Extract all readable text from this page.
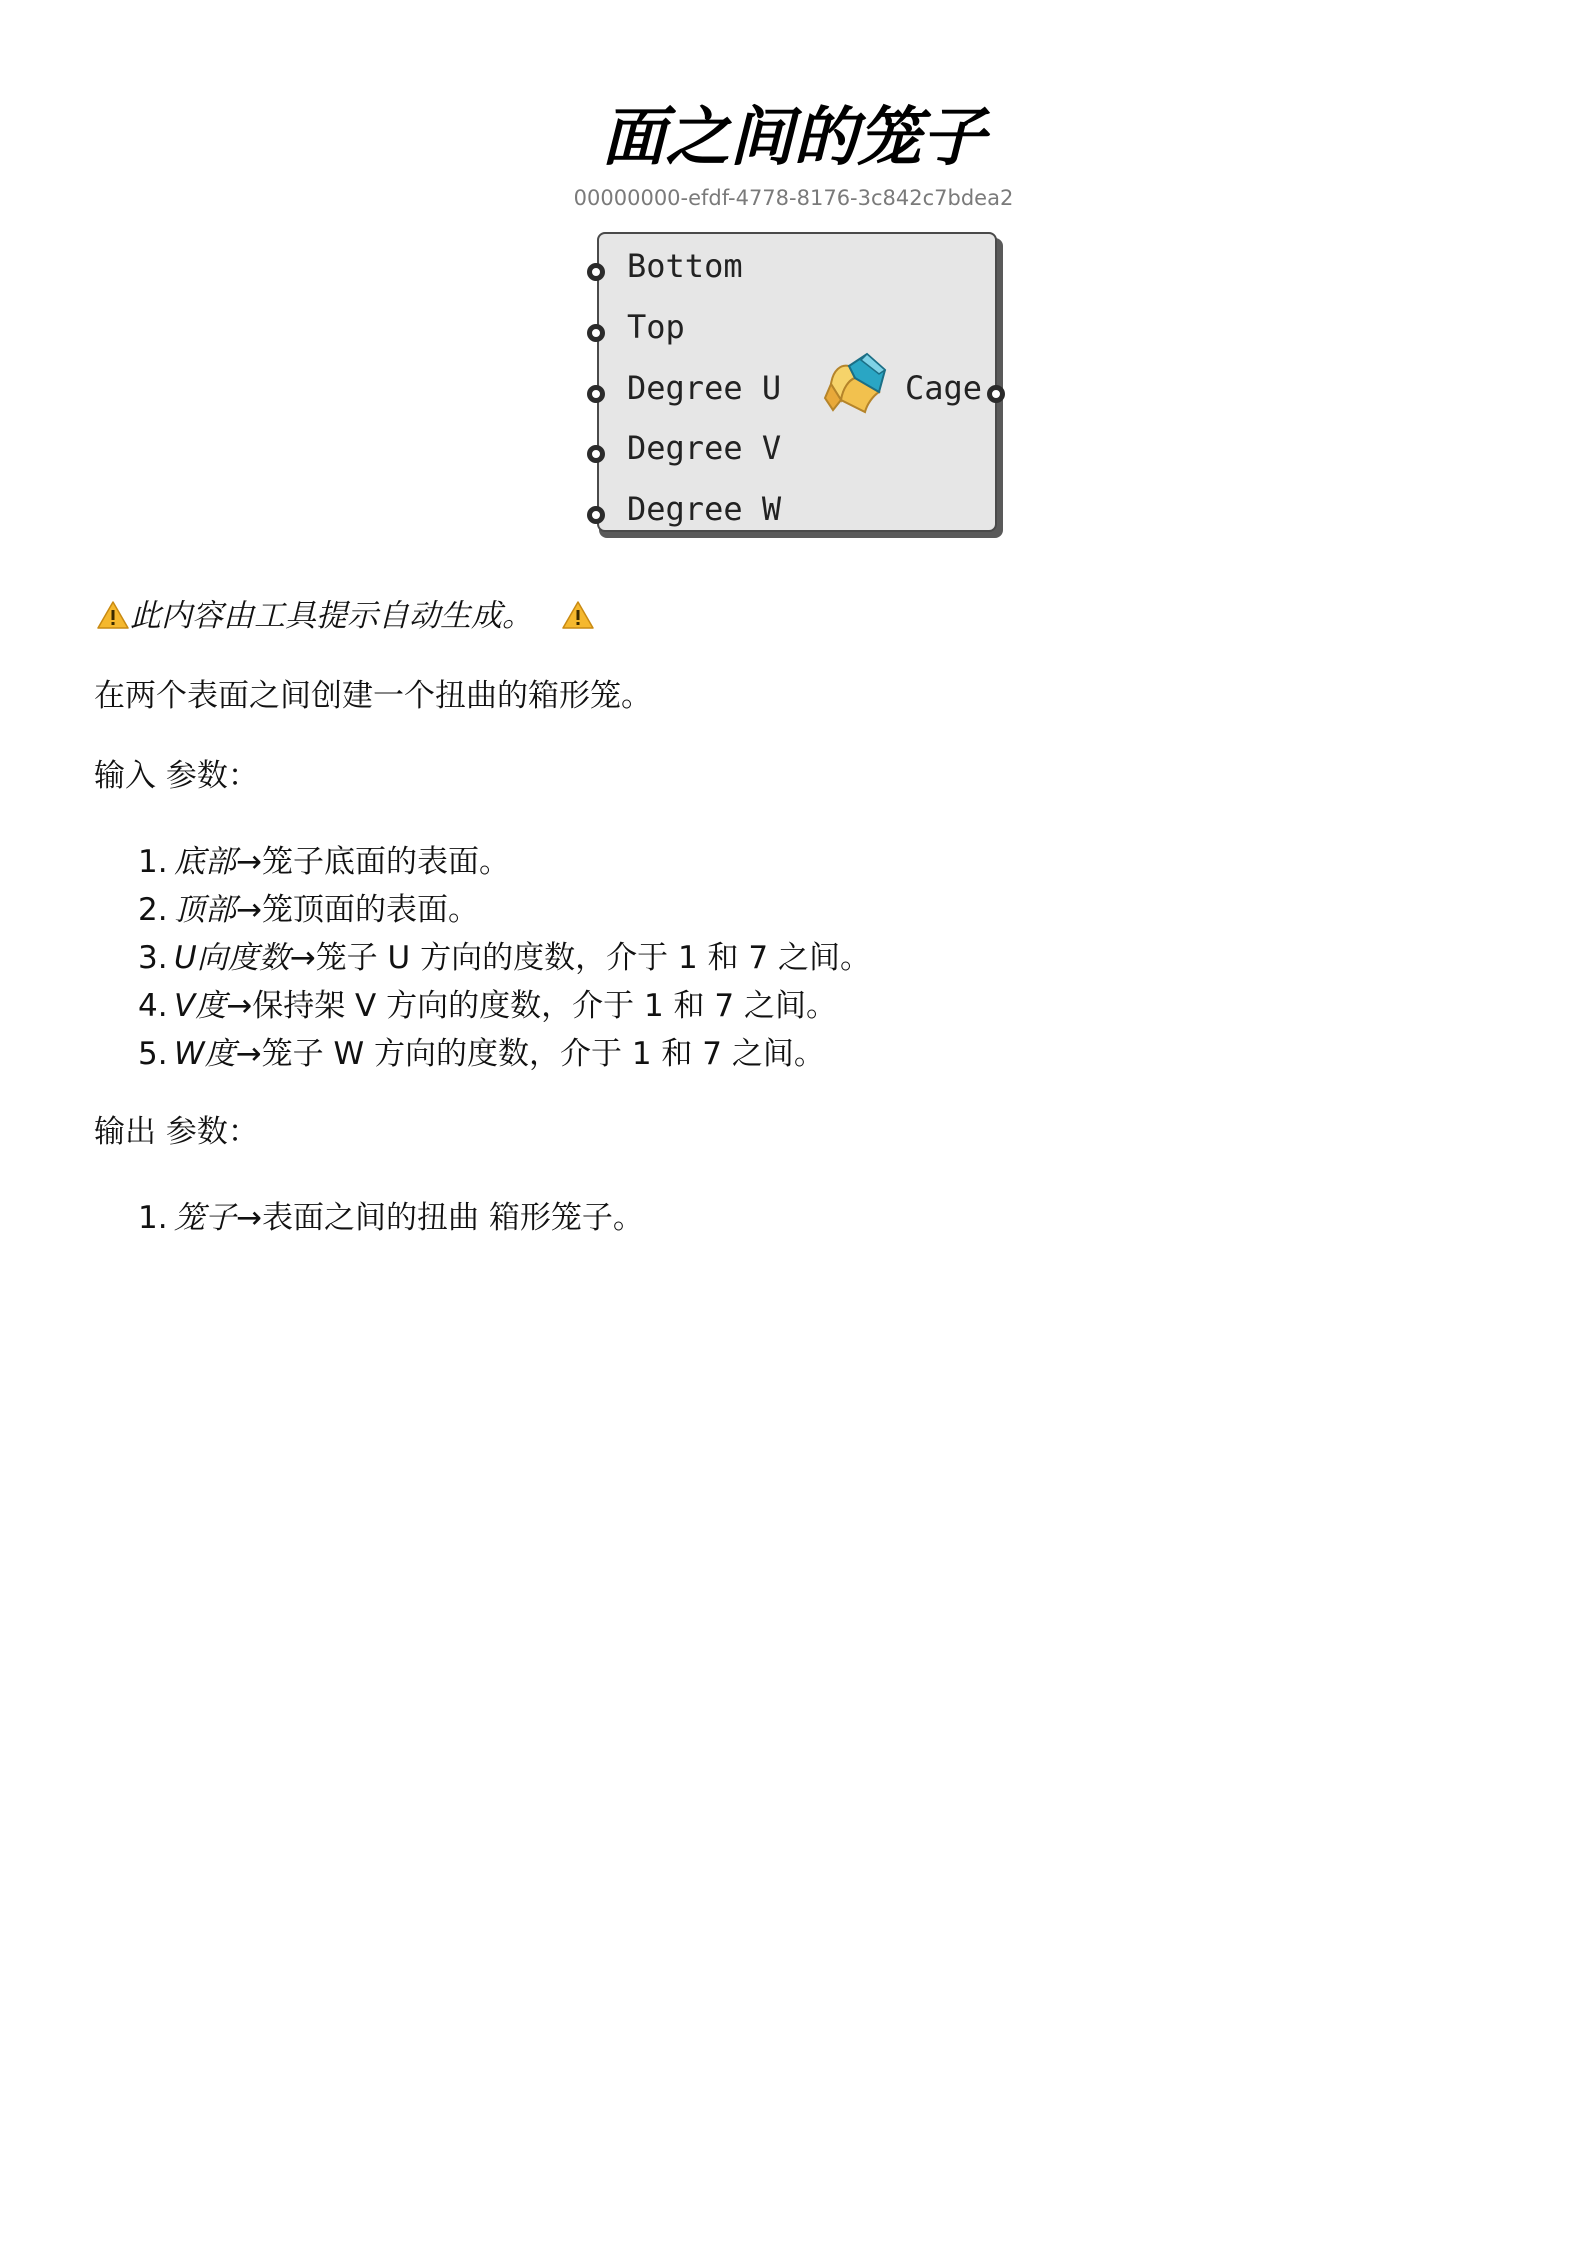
面之间的笼子
00000000-efdf-4778-8176-3c842c7bdea2
Bottom
Top
Degree U
Degree V
Degree W
Cage
此内容由工具提示自动生成。
在两个表面之间创建一个扭曲的箱形笼。
输入 参数：
1. 底部→笼子底面的表面。
2. 顶部→笼顶面的表面。
3. U向度数→笼子 U 方向的度数，介于 1 和 7 之间。
4. V度→保持架 V 方向的度数，介于 1 和 7 之间。
5. W度→笼子 W 方向的度数，介于 1 和 7 之间。
输出 参数：
1. 笼子→表面之间的扭曲 箱形笼子。
